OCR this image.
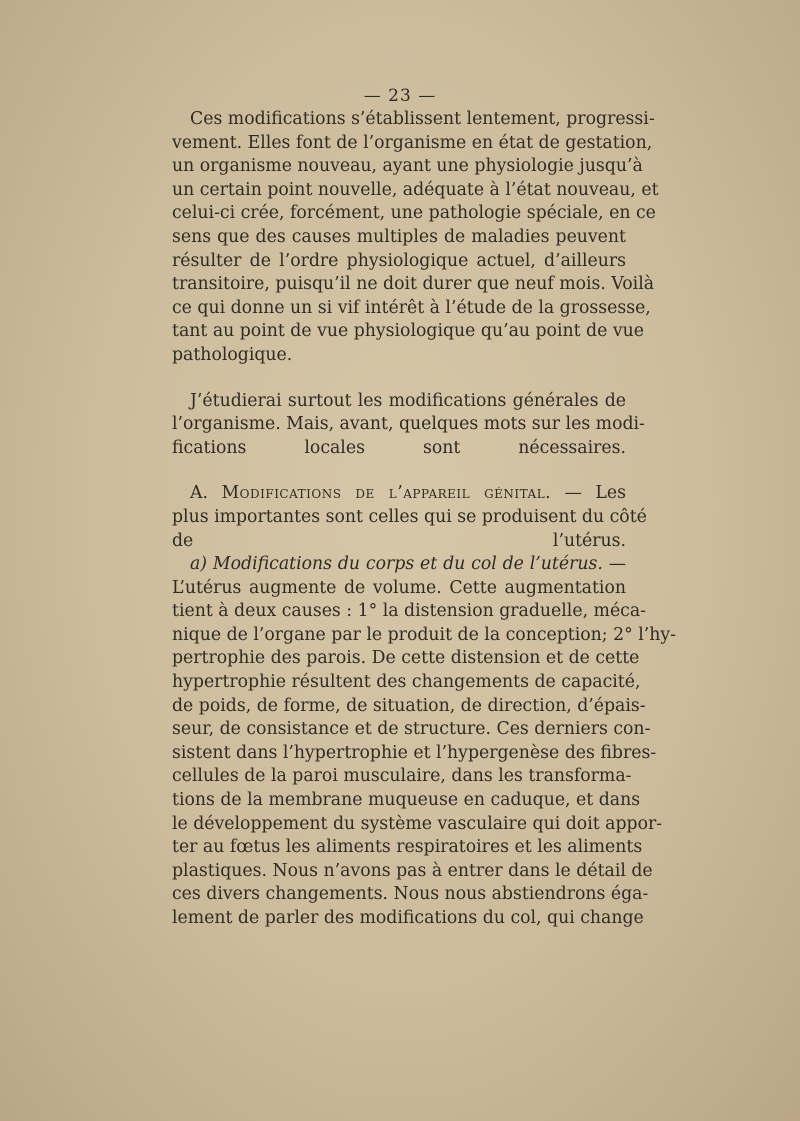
— 23 —

Ces modifications s’établissent lentement, progressi-
vement. Elles font de l’organisme en état de gestation,
un organisme nouveau, ayant une physiologie jusqu’à
un certain point nouvelle, adéquate à l’état nouveau, et
celui-ci crée, forcément, une pathologie spéciale, en ce
sens que des causes multiples de maladies peuvent
résulter de l’ordre physiologique actuel, d’ailleurs
transitoire, puisqu’il ne doit durer que neuf mois. Voilà
ce qui donne un si vif intérêt à l’étude de la grossesse,
tant au point de vue physiologique qu’au point de vue
pathologique.

J’étudierai surtout les modifications générales de
l’organisme. Mais, avant, quelques mots sur les modi-
fications locales sont nécessaires.

A. Modifications de l’appareil génital. — Les
plus importantes sont celles qui se produisent du côté
de l’utérus.

a) Modifications du corps et du col de l’utérus. —
L’utérus augmente de volume. Cette augmentation
tient à deux causes : 1° la distension graduelle, méca-
nique de l’organe par le produit de la conception; 2° l’hy-
pertrophie des parois. De cette distension et de cette
hypertrophie résultent des changements de capacité,
de poids, de forme, de situation, de direction, d’épais-
seur, de consistance et de structure. Ces derniers con-
sistent dans l’hypertrophie et l’hypergenèse des fibres-
cellules de la paroi musculaire, dans les transforma-
tions de la membrane muqueuse en caduque, et dans
le développement du système vasculaire qui doit appor-
ter au fœtus les aliments respiratoires et les aliments
plastiques. Nous n’avons pas à entrer dans le détail de
ces divers changements. Nous nous abstiendrons éga-
lement de parler des modifications du col, qui change
